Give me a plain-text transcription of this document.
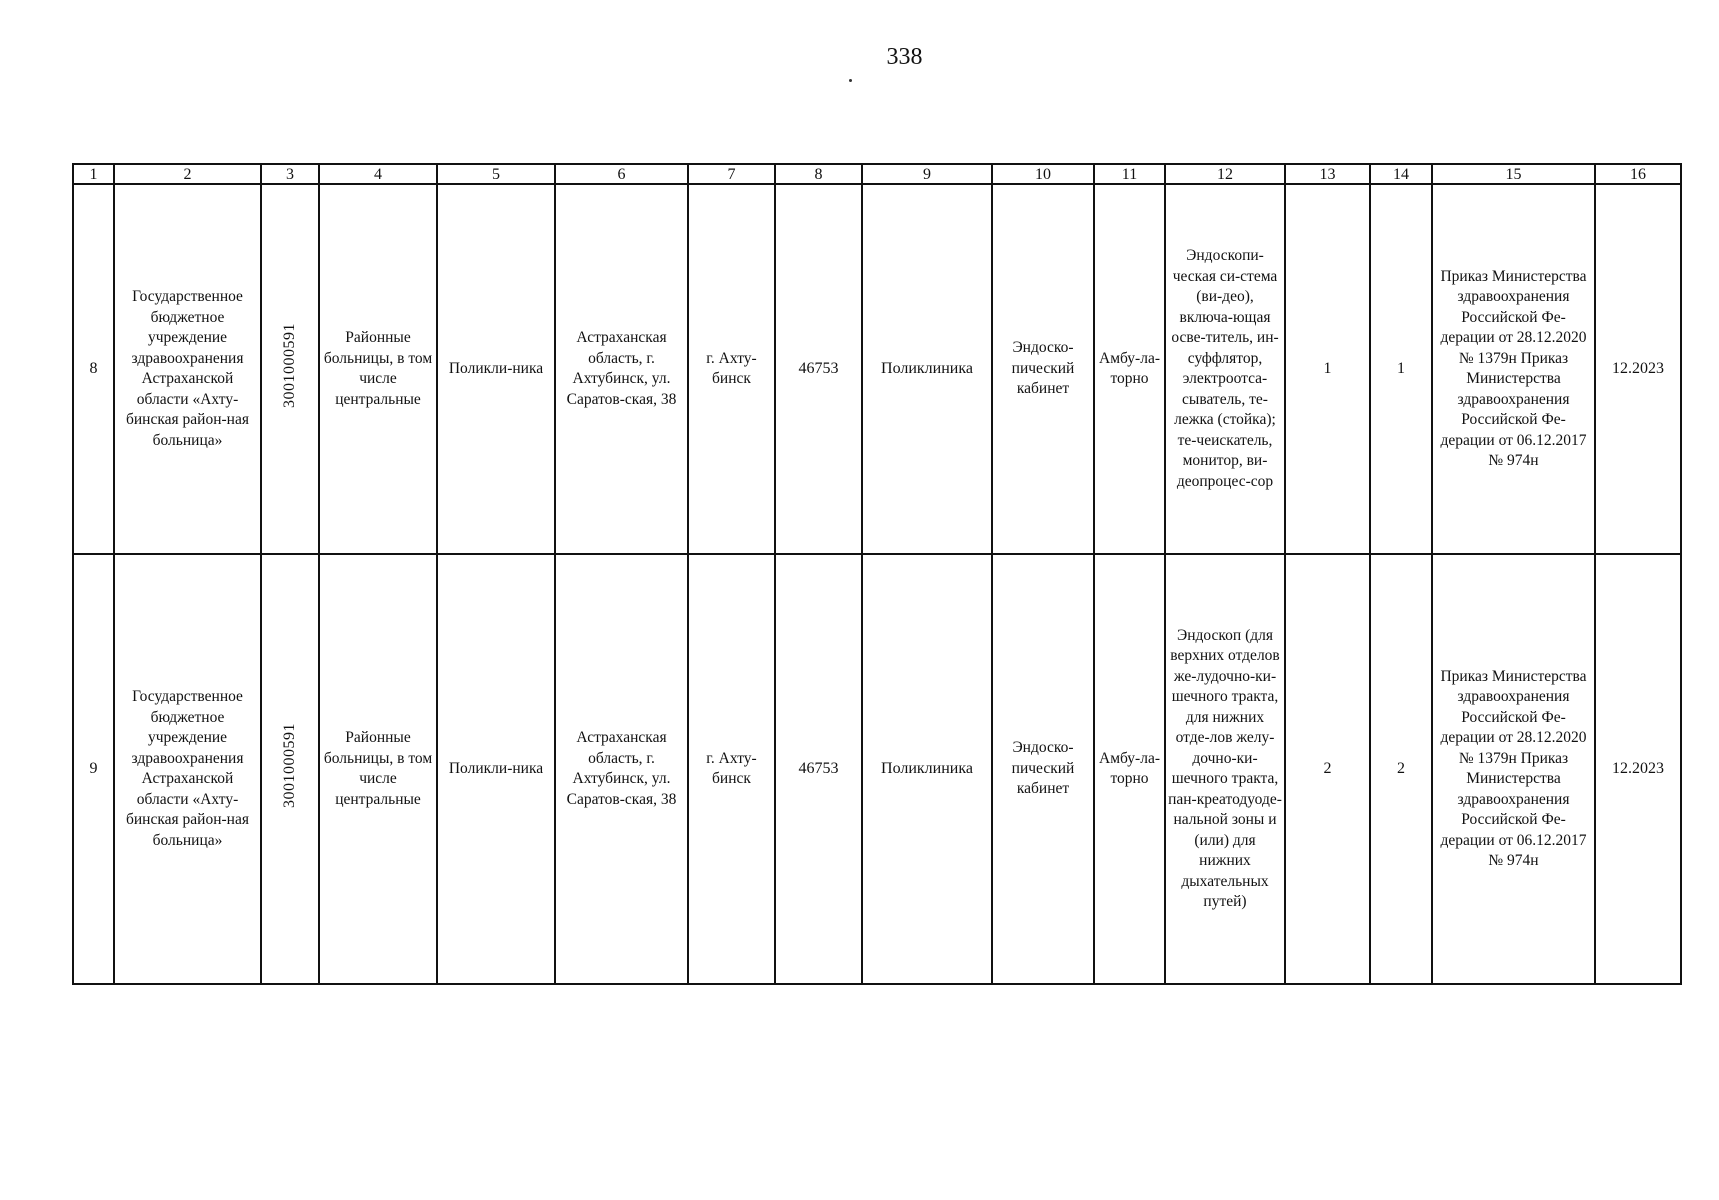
338
1	2	3	4	5	6	7	8	9	10	11	12	13	14	15	16
8	Государственное бюджетное учреждение здравоохранения Астраханской области «Ахту-бинская район-ная больница»	3001000591	Районные больницы, в том числе центральные	Поликли-ника	Астраханская область, г. Ахтубинск, ул. Саратов-ская, 38	г. Ахту-бинск	46753	Поликлиника	Эндоско-пический кабинет	Амбу-ла-торно	Эндоскопи-ческая си-стема (ви-део), включа-ющая осве-титель, ин-суффлятор, электроотса-сыватель, те-лежка (стойка); те-чеискатель, монитор, ви-деопроцес-сор	1	1	Приказ Министерства здравоохранения Российской Фе-дерации от 28.12.2020 № 1379н Приказ Министерства здравоохранения Российской Фе-дерации от 06.12.2017 № 974н	12.2023
9	Государственное бюджетное учреждение здравоохранения Астраханской области «Ахту-бинская район-ная больница»	3001000591	Районные больницы, в том числе центральные	Поликли-ника	Астраханская область, г. Ахтубинск, ул. Саратов-ская, 38	г. Ахту-бинск	46753	Поликлиника	Эндоско-пический кабинет	Амбу-ла-торно	Эндоскоп (для верхних отделов же-лудочно-ки-шечного тракта, для нижних отде-лов желу-дочно-ки-шечного тракта, пан-креатодуоде-нальной зоны и (или) для нижних дыхательных путей)	2	2	Приказ Министерства здравоохранения Российской Фе-дерации от 28.12.2020 № 1379н Приказ Министерства здравоохранения Российской Фе-дерации от 06.12.2017 № 974н	12.2023
